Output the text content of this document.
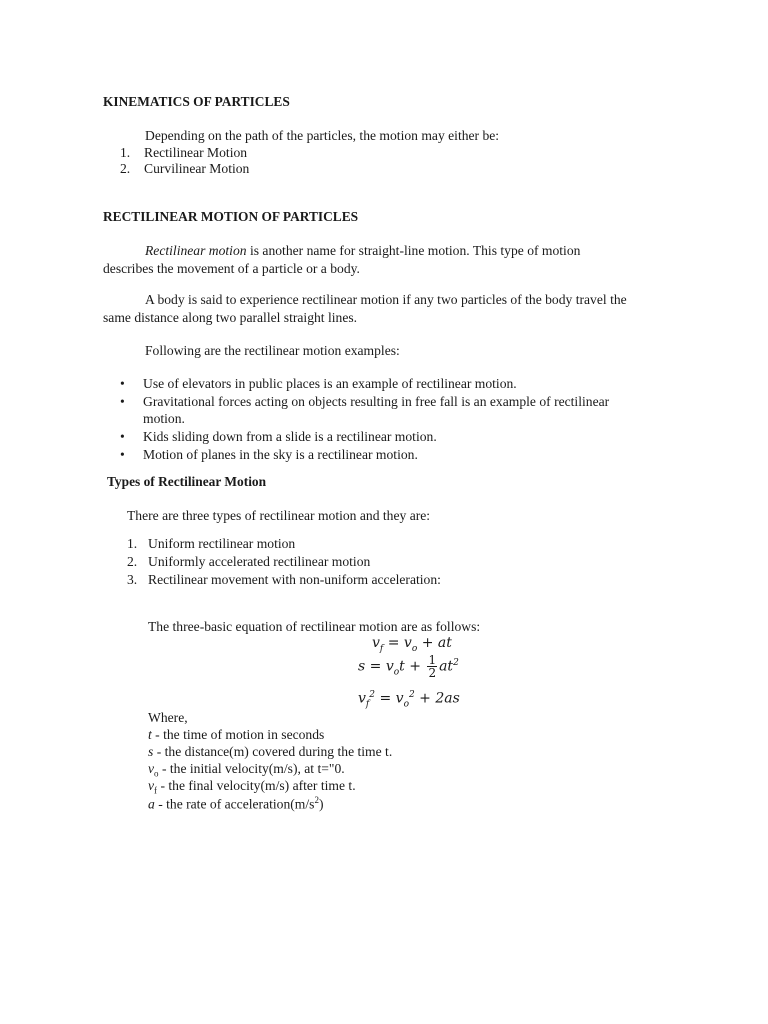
KINEMATICS OF PARTICLES
Depending on the path of the particles, the motion may either be:
1. Rectilinear Motion
2. Curvilinear Motion
RECTILINEAR MOTION OF PARTICLES
Rectilinear motion is another name for straight-line motion. This type of motion
describes the movement of a particle or a body.
A body is said to experience rectilinear motion if any two particles of the body travel the
same distance along two parallel straight lines.
Following are the rectilinear motion examples:
• Use of elevators in public places is an example of rectilinear motion.
• Gravitational forces acting on objects resulting in free fall is an example of rectilinear
motion.
• Kids sliding down from a slide is a rectilinear motion.
• Motion of planes in the sky is a rectilinear motion.
Types of Rectilinear Motion
There are three types of rectilinear motion and they are:
1. Uniform rectilinear motion
2. Uniformly accelerated rectilinear motion
3. Rectilinear movement with non-uniform acceleration:
The three-basic equation of rectilinear motion are as follows:
$v_f = v_o$ + at
$s = v_ot + \frac{1}{2} at^2$
$v_f^2 = v_o^2 + 2as$
Where,
t - the time of motion in seconds
s - the distance(m) covered during the time t.
$v_o$ - the initial velocity(m/s), at t="0.
$v_f$ - the final velocity(m/s) after time t.
a - the rate of $acceleration(m/s^2)$
